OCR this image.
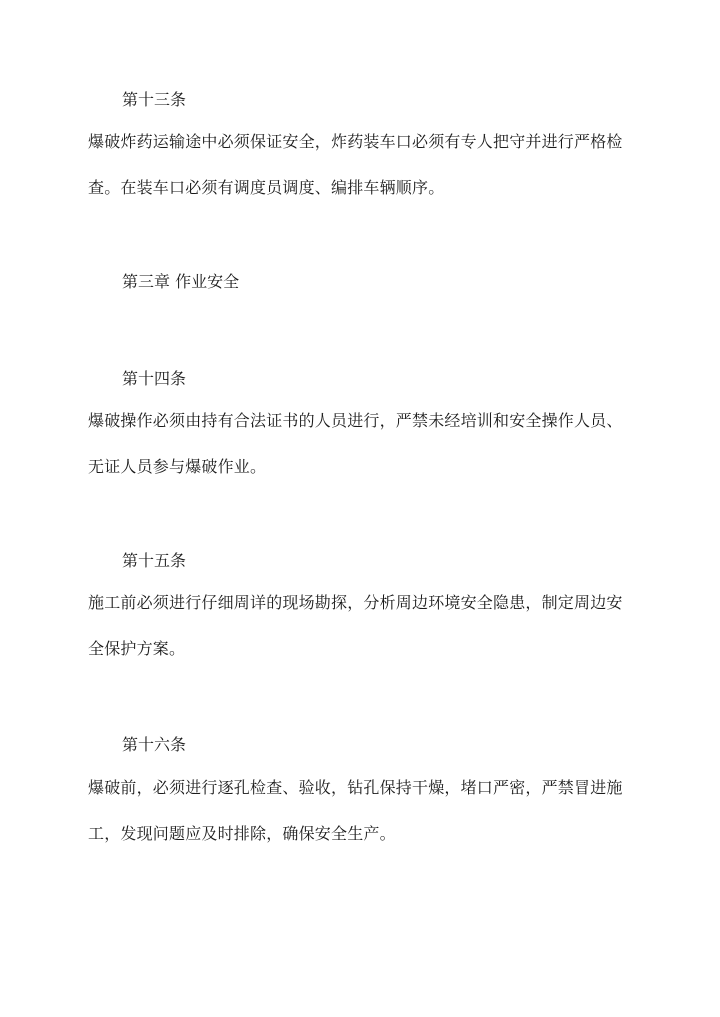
第十三条
爆破炸药运输途中必须保证安全，炸药装车口必须有专人把守并进行严格检查。在装车口必须有调度员调度、编排车辆顺序。
第三章 作业安全
第十四条
爆破操作必须由持有合法证书的人员进行，严禁未经培训和安全操作人员、无证人员参与爆破作业。
第十五条
施工前必须进行仔细周详的现场勘探，分析周边环境安全隐患，制定周边安全保护方案。
第十六条
爆破前，必须进行逐孔检查、验收，钻孔保持干燥，堵口严密，严禁冒进施工，发现问题应及时排除，确保安全生产。
